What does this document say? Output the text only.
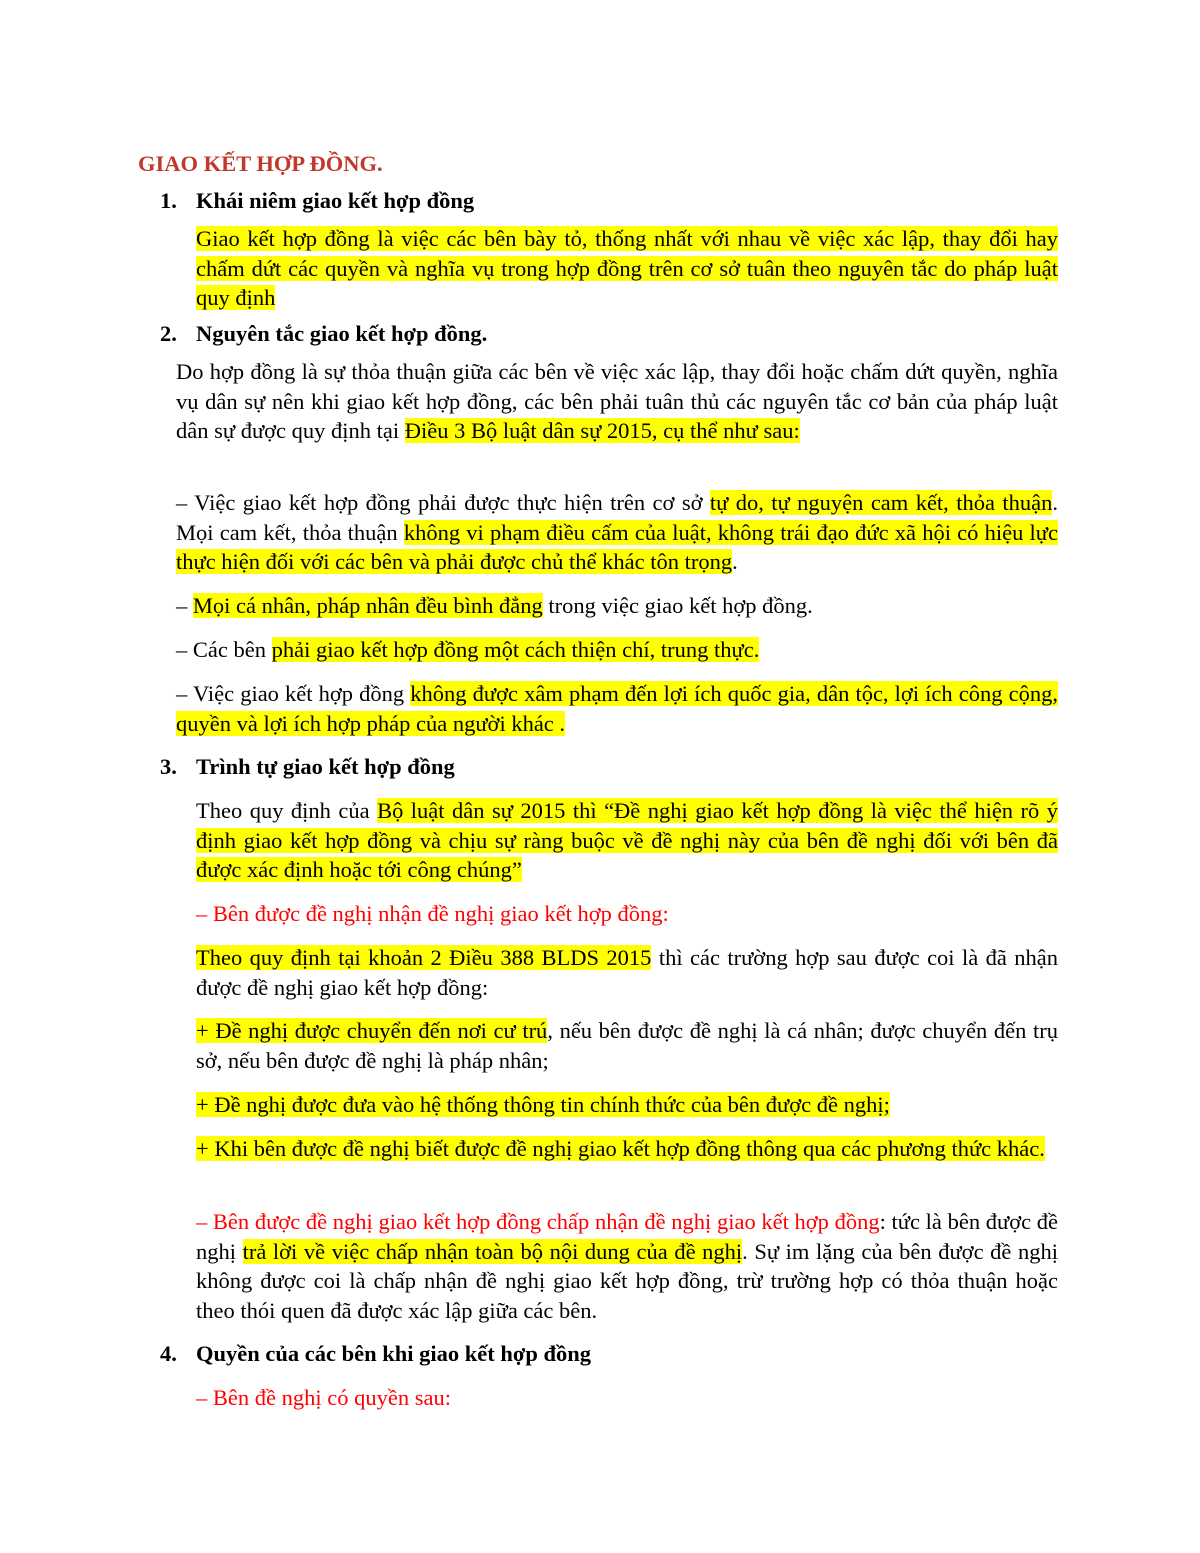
GIAO KẾT HỢP ĐỒNG.
1. Khái niêm giao kết hợp đồng
Giao kết hợp đồng là việc các bên bày tỏ, thống nhất với nhau về việc xác lập, thay đổi hay chấm dứt các quyền và nghĩa vụ trong hợp đồng trên cơ sở tuân theo nguyên tắc do pháp luật quy định
2. Nguyên tắc giao kết hợp đồng.
Do hợp đồng là sự thỏa thuận giữa các bên về việc xác lập, thay đổi hoặc chấm dứt quyền, nghĩa vụ dân sự nên khi giao kết hợp đồng, các bên phải tuân thủ các nguyên tắc cơ bản của pháp luật dân sự được quy định tại Điều 3 Bộ luật dân sự 2015, cụ thể như sau:
– Việc giao kết hợp đồng phải được thực hiện trên cơ sở tự do, tự nguyện cam kết, thỏa thuận. Mọi cam kết, thỏa thuận không vi phạm điều cấm của luật, không trái đạo đức xã hội có hiệu lực thực hiện đối với các bên và phải được chủ thể khác tôn trọng.
– Mọi cá nhân, pháp nhân đều bình đẳng trong việc giao kết hợp đồng.
– Các bên phải giao kết hợp đồng một cách thiện chí, trung thực.
– Việc giao kết hợp đồng không được xâm phạm đến lợi ích quốc gia, dân tộc, lợi ích công cộng, quyền và lợi ích hợp pháp của người khác .
3. Trình tự giao kết hợp đồng
Theo quy định của Bộ luật dân sự 2015 thì “Đề nghị giao kết hợp đồng là việc thể hiện rõ ý định giao kết hợp đồng và chịu sự ràng buộc về đề nghị này của bên đề nghị đối với bên đã được xác định hoặc tới công chúng”
– Bên được đề nghị nhận đề nghị giao kết hợp đồng:
Theo quy định tại khoản 2 Điều 388 BLDS 2015 thì các trường hợp sau được coi là đã nhận được đề nghị giao kết hợp đồng:
+ Đề nghị được chuyển đến nơi cư trú, nếu bên được đề nghị là cá nhân; được chuyển đến trụ sở, nếu bên được đề nghị là pháp nhân;
+ Đề nghị được đưa vào hệ thống thông tin chính thức của bên được đề nghị;
+ Khi bên được đề nghị biết được đề nghị giao kết hợp đồng thông qua các phương thức khác.
– Bên được đề nghị giao kết hợp đồng chấp nhận đề nghị giao kết hợp đồng: tức là bên được đề nghị trả lời về việc chấp nhận toàn bộ nội dung của đề nghị. Sự im lặng của bên được đề nghị không được coi là chấp nhận đề nghị giao kết hợp đồng, trừ trường hợp có thỏa thuận hoặc theo thói quen đã được xác lập giữa các bên.
4. Quyền của các bên khi giao kết hợp đồng
– Bên đề nghị có quyền sau:
